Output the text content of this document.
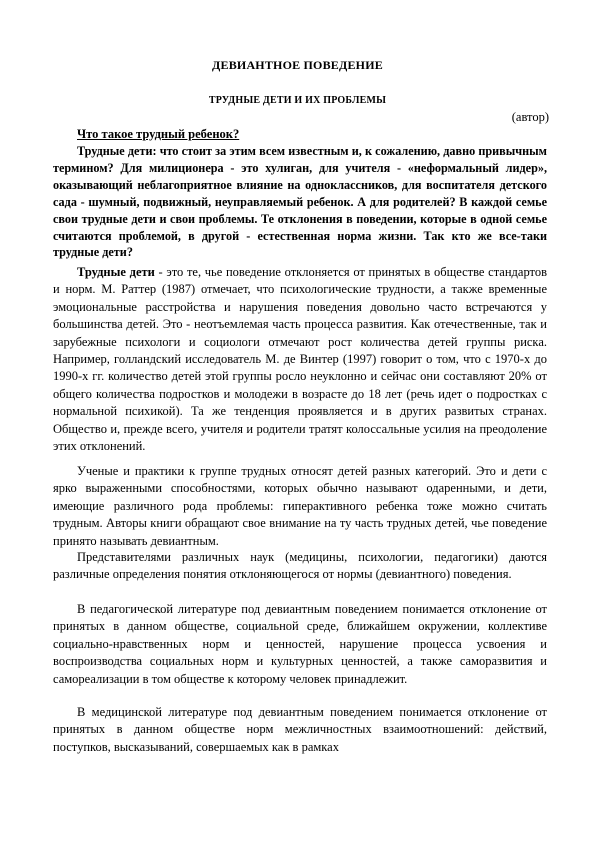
ДЕВИАНТНОЕ ПОВЕДЕНИЕ
ТРУДНЫЕ ДЕТИ И ИХ ПРОБЛЕМЫ
(автор)
Что такое трудный ребенок?
Трудные дети: что стоит за этим всем известным и, к сожалению, давно привычным термином? Для милиционера - это хулиган, для учителя - «неформальный лидер», оказывающий неблагоприятное влияние на одноклассников, для воспитателя детского сада - шумный, подвижный, неуправляемый ребенок. А для родителей? В каждой семье свои трудные дети и свои проблемы. Те отклонения в поведении, которые в одной семье считаются проблемой, в другой - естественная норма жизни. Так кто же все-таки трудные дети?
Трудные дети - это те, чье поведение отклоняется от принятых в обществе стандартов и норм. М. Раттер (1987) отмечает, что психологические трудности, а также временные эмоциональные расстройства и нарушения поведения довольно часто встречаются у большинства детей. Это - неотъемлемая часть процесса развития. Как отечественные, так и зарубежные психологи и социологи отмечают рост количества детей группы риска. Например, голландский исследователь М. де Винтер (1997) говорит о том, что с 1970-х до 1990-х гг. количество детей этой группы росло неуклонно и сейчас они составляют 20% от общего количества подростков и молодежи в возрасте до 18 лет (речь идет о подростках с нормальной психикой). Та же тенденция проявляется и в других развитых странах. Общество и, прежде всего, учителя и родители тратят колоссальные усилия на преодоление этих отклонений.
Ученые и практики к группе трудных относят детей разных категорий. Это и дети с ярко выраженными способностями, которых обычно называют одаренными, и дети, имеющие различного рода проблемы: гиперактивного ребенка тоже можно считать трудным. Авторы книги обращают свое внимание на ту часть трудных детей, чье поведение принято называть девиантным.
Представителями различных наук (медицины, психологии, педагогики) даются различные определения понятия отклоняющегося от нормы (девиантного) поведения.
В педагогической литературе под девиантным поведением понимается отклонение от принятых в данном обществе, социальной среде, ближайшем окружении, коллективе социально-нравственных норм и ценностей, нарушение процесса усвоения и воспроизводства социальных норм и культурных ценностей, а также саморазвития и самореализации в том обществе к которому человек принадлежит.
В медицинской литературе под девиантным поведением понимается отклонение от принятых в данном обществе норм межличностных взаимоотношений: действий, поступков, высказываний, совершаемых как в рамках
